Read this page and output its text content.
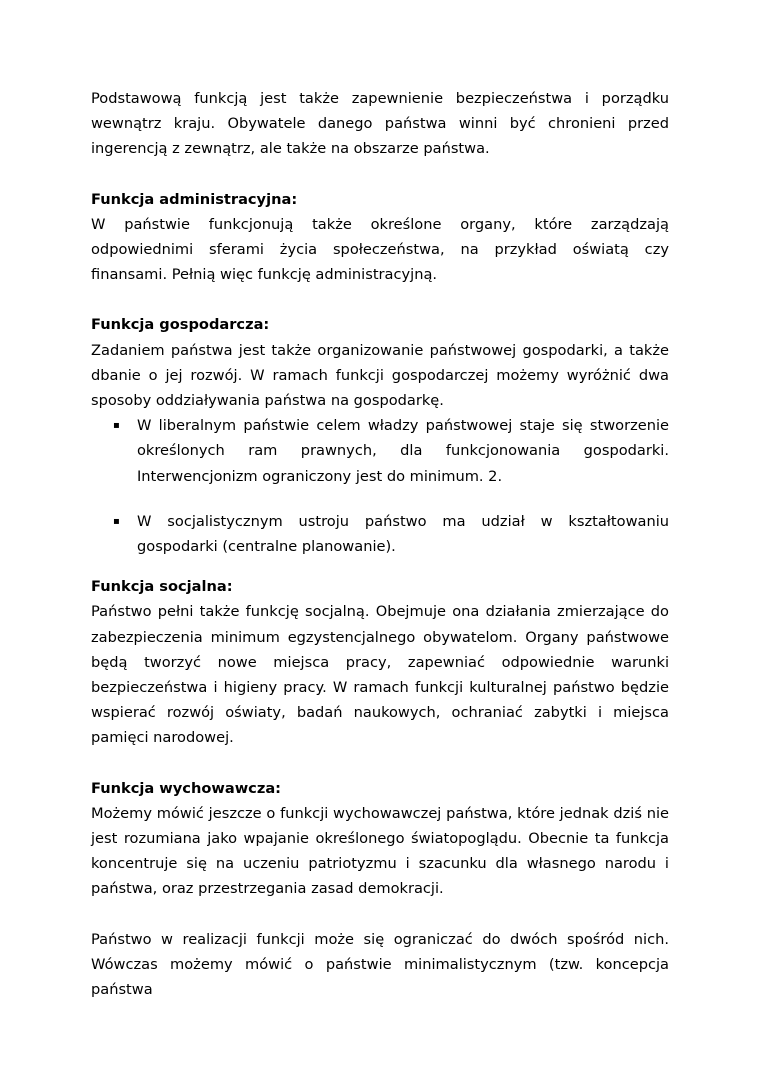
Podstawową funkcją jest także zapewnienie bezpieczeństwa i porządku wewnątrz kraju. Obywatele danego państwa winni być chronieni przed ingerencją z zewnątrz, ale także na obszarze państwa.

Funkcja administracyjna:

W państwie funkcjonują także określone organy, które zarządzają odpowiednimi sferami życia społeczeństwa, na przykład oświatą czy finansami. Pełnią więc funkcję administracyjną.

Funkcja gospodarcza:

Zadaniem państwa jest także organizowanie państwowej gospodarki, a także dbanie o jej rozwój. W ramach funkcji gospodarczej możemy wyróżnić dwa sposoby oddziaływania państwa na gospodarkę.

▪ W liberalnym państwie celem władzy państwowej staje się stworzenie określonych ram prawnych, dla funkcjonowania gospodarki. Interwencjonizm ograniczony jest do minimum. 2.
▪ W socjalistycznym ustroju państwo ma udział w kształtowaniu gospodarki (centralne planowanie).

Funkcja socjalna:

Państwo pełni także funkcję socjalną. Obejmuje ona działania zmierzające do zabezpieczenia minimum egzystencjalnego obywatelom. Organy państwowe będą tworzyć nowe miejsca pracy, zapewniać odpowiednie warunki bezpieczeństwa i higieny pracy. W ramach funkcji kulturalnej państwo będzie wspierać rozwój oświaty, badań naukowych, ochraniać zabytki i miejsca pamięci narodowej.

Funkcja wychowawcza:

Możemy mówić jeszcze o funkcji wychowawczej państwa, które jednak dziś nie jest rozumiana jako wpajanie określonego światopoglądu. Obecnie ta funkcja koncentruje się na uczeniu patriotyzmu i szacunku dla własnego narodu i państwa, oraz przestrzegania zasad demokracji.

Państwo w realizacji funkcji może się ograniczać do dwóch spośród nich. Wówczas możemy mówić o państwie minimalistycznym (tzw. koncepcja państwa
